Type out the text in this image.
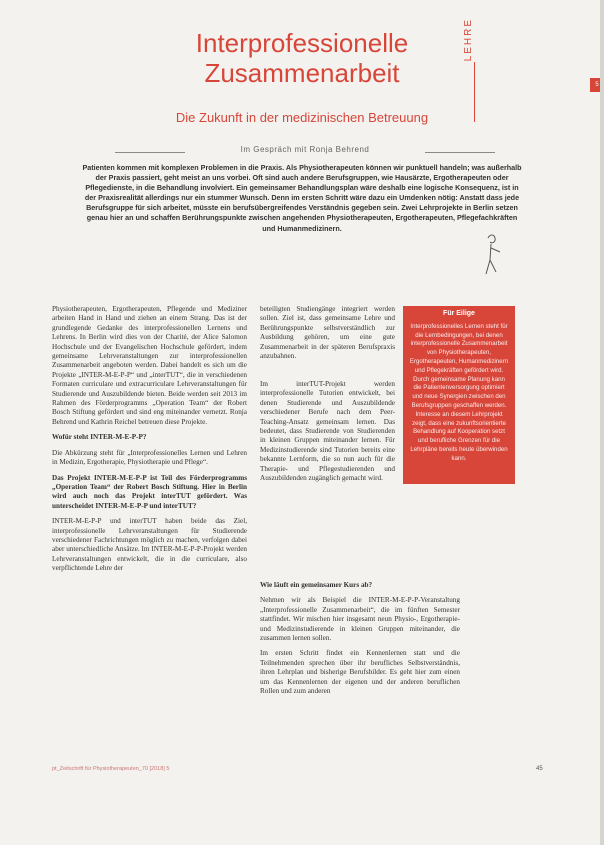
LEHRE
5
Interprofessionelle
Zusammenarbeit
Die Zukunft in der medizinischen Betreuung
Im Gespräch mit Ronja Behrend
Patienten kommen mit komplexen Problemen in die Praxis. Als Physiotherapeuten können wir punktuell handeln; was außerhalb der Praxis passiert, geht meist an uns vorbei. Oft sind auch andere Berufsgruppen, wie Hausärzte, Ergotherapeuten oder Pflegedienste, in die Behandlung involviert. Ein gemeinsamer Behandlungsplan wäre deshalb eine logische Konsequenz, ist in der Praxisrealität allerdings nur ein stummer Wunsch. Denn im ersten Schritt wäre dazu ein Umdenken nötig: Anstatt dass jede Berufsgruppe für sich arbeitet, müsste ein berufsübergreifendes Verständnis gegeben sein. Zwei Lehrprojekte in Berlin setzen genau hier an und schaffen Berührungspunkte zwischen angehenden Physiotherapeuten, Ergotherapeuten, Pflegefachkräften und Humanmedizinern.

Physiotherapeuten, Ergotherapeuten, Pflegende und Mediziner arbeiten Hand in Hand und ziehen an einem Strang. Das ist der grundlegende Gedanke des interprofessionellen Lernens und Lehrens. In Berlin wird dies von der Charité, der Alice Salomon Hochschule und der Evangelischen Hochschule gefördert, indem gemeinsame Lehrveranstaltungen zur interprofessionellen Zusammenarbeit angeboten werden. Dabei handelt es sich um die Projekte „INTER-M-E-P-P“ und „interTUT“, die in verschiedenen Formaten curriculare und extracurriculare Lehrveranstaltungen für Studierende und Auszubildende bieten. Beide werden seit 2013 im Rahmen des Förderprogramms „Operation Team“ der Robert Bosch Stiftung gefördert und sind eng miteinander vernetzt. Ronja Behrend und Kathrin Reichel betreuen diese Projekte.

Wofür steht INTER-M-E-P-P?

Die Abkürzung steht für „Interprofessionelles Lernen und Lehren in Medizin, Ergotherapie, Physiotherapie und Pflege“.

Das Projekt INTER-M-E-P-P ist Teil des Förderprogramms „Operation Team“ der Robert Bosch Stiftung. Hier in Berlin wird auch noch das Projekt interTUT gefördert. Was unterscheidet INTER-M-E-P-P und interTUT?

INTER-M-E-P-P und interTUT haben beide das Ziel, interprofessionelle Lehrveranstaltungen für Studierende verschiedener Fachrichtungen möglich zu machen, verfolgen dabei aber unterschiedliche Ansätze. Im INTER-M-E-P-P-Projekt werden Lehrveranstaltungen entwickelt, die in die curriculare, also verpflichtende Lehre der

beteiligten Studiengänge integriert werden sollen. Ziel ist, dass gemeinsame Lehre und Berührungspunkte selbstverständlich zur Ausbildung gehören, um eine gute Zusammenarbeit in der späteren Berufspraxis anzubahnen.

Im interTUT-Projekt werden interprofessionelle Tutorien entwickelt, bei denen Studierende und Auszubildende verschiedener Berufe nach dem Peer-Teaching-Ansatz gemeinsam lernen. Das bedeutet, dass Studierende von Studierenden in kleinen Gruppen miteinander lernen. Für Medizinstudierende sind Tutorien bereits eine bekannte Lernform, die so nun auch für die Therapie- und Pflegestudierenden und Auszubildenden zugänglich gemacht wird.

Wie läuft ein gemeinsamer Kurs ab?

Nehmen wir als Beispiel die INTER-M-E-P-P-Veranstaltung „Interprofessionelle Zusammenarbeit“, die im fünften Semester stattfindet. Wir mischen hier insgesamt neun Physio-, Ergotherapie- und Medizinstudierende in kleinen Gruppen miteinander, die zusammen lernen sollen.

Im ersten Schritt findet ein Kennenlernen statt und die Teilnehmenden sprechen über ihr berufliches Selbstverständnis, ihren Lehrplan und bisherige Berufsbilder. Es geht hier zum einen um das Kennenlernen der eigenen und der anderen beruflichen Rollen und zum anderen

Für Eilige
Interprofessionelles Lernen steht für die Lernbedingungen, bei denen interprofessionelle Zusammenarbeit von Physiotherapeuten, Ergotherapeuten, Humanmedizinern und Pflegekräften gefördert wird. Durch gemeinsame Planung kann die Patientenversorgung optimiert und neue Synergien zwischen den Berufsgruppen geschaffen werden. Interesse an diesem Lehrprojekt zeigt, dass eine zukunftsorientierte Behandlung auf Kooperation setzt und berufliche Grenzen für die Lehrpläne bereits heute überwinden kann.
pt_Zeitschrift für Physiotherapeuten_70 [2018] 5	45
